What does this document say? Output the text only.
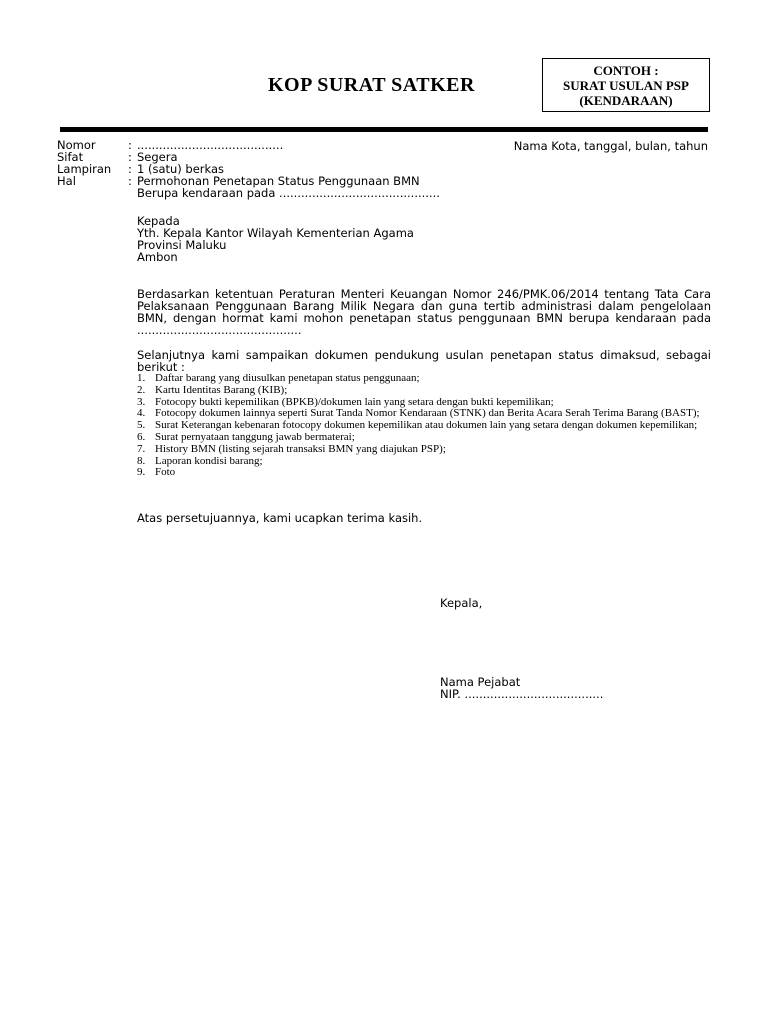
KOP SURAT SATKER
CONTOH :
SURAT USULAN PSP
(KENDARAAN)
Nomor	: ........................................
Sifat	: Segera
Lampiran : 1 (satu) berkas
Hal	: Permohonan Penetapan Status Penggunaan BMN
Berupa kendaraan pada ............................................
Nama Kota, tanggal, bulan, tahun
Kepada
Yth. Kepala Kantor Wilayah Kementerian Agama
Provinsi Maluku
Ambon
Berdasarkan ketentuan Peraturan Menteri Keuangan Nomor 246/PMK.06/2014 tentang Tata Cara Pelaksanaan Penggunaan Barang Milik Negara dan guna tertib administrasi dalam pengelolaan BMN, dengan hormat kami mohon penetapan status penggunaan BMN berupa kendaraan pada .............................................
Selanjutnya kami sampaikan dokumen pendukung usulan penetapan status dimaksud, sebagai berikut :
1. Daftar barang yang diusulkan penetapan status penggunaan;
2. Kartu Identitas Barang (KIB);
3. Fotocopy bukti kepemilikan (BPKB)/dokumen lain yang setara dengan bukti kepemilikan;
4. Fotocopy dokumen lainnya seperti Surat Tanda Nomor Kendaraan (STNK) dan Berita Acara Serah Terima Barang (BAST);
5. Surat Keterangan kebenaran fotocopy dokumen kepemilikan atau dokumen lain yang setara dengan dokumen kepemilikan;
6. Surat pernyataan tanggung jawab bermaterai;
7. History BMN (listing sejarah transaksi BMN yang diajukan PSP);
8. Laporan kondisi barang;
9. Foto
Atas persetujuannya, kami ucapkan terima kasih.
Kepala,
Nama Pejabat
NIP. ......................................
